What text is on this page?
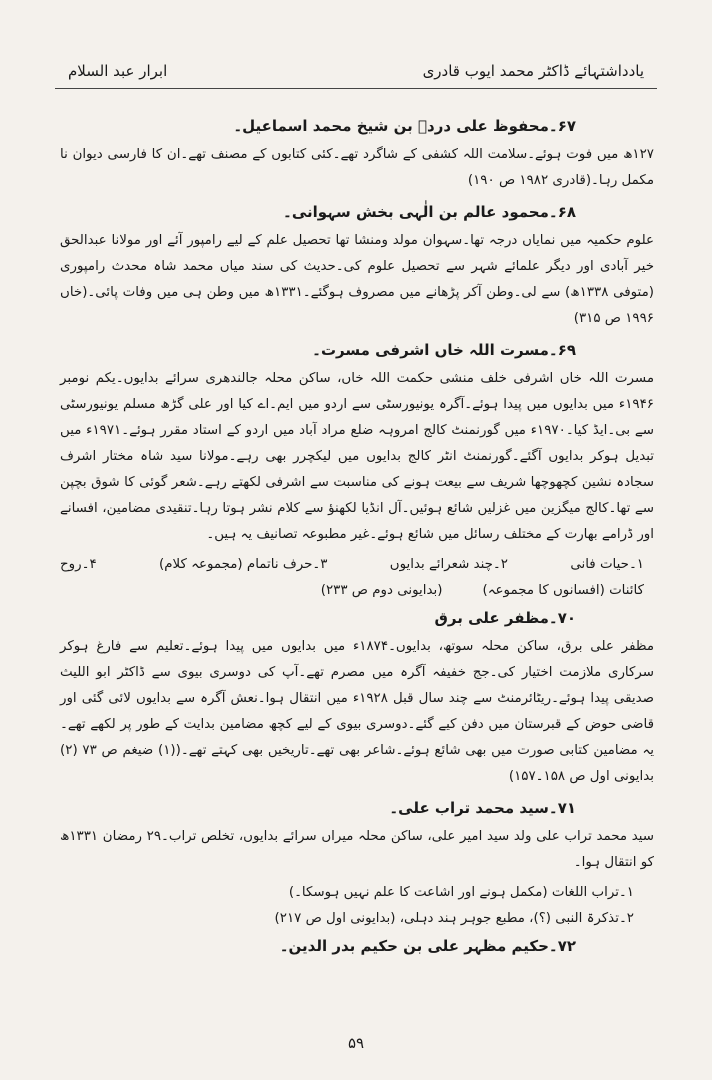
یادداشتہائے ڈاکٹر محمد ایوب قادری
ابرار عبد السلام
۶۷۔محفوظ علی دردؔ بن شیخ محمد اسماعیل۔

۱۲۷ھ میں فوت ہوئے۔سلامت اللہ کشفی کے شاگرد تھے۔کئی کتابوں کے مصنف تھے۔ان کا فارسی دیوان نا مکمل رہا۔(قادری ۱۹۸۲ ص ۱۹۰)

۶۸۔محمود عالم بن الٰہی بخش سہوانی۔

علوم حکمیہ میں نمایاں درجہ تھا۔سہوان مولد ومنشا تھا تحصیل علم کے لیے رامپور آئے اور مولانا عبدالحق خیر آبادی اور دیگر علمائے شہر سے تحصیل علوم کی۔حدیث کی سند میاں محمد شاہ محدث رامپوری (متوفی ۱۳۳۸ھ) سے لی۔وطن آکر پڑھانے میں مصروف ہوگئے۔۱۳۳۱ھ میں وطن ہی میں وفات پائی۔(خاں ۱۹۹۶ ص ۳۱۵)

۶۹۔مسرت اللہ خاں اشرفی مسرت۔

مسرت اللہ خاں اشرفی خلف منشی حکمت اللہ خاں، ساکن محلہ جالندھری سرائے بدایوں۔یکم نومبر ۱۹۴۶ء میں بدایوں میں پیدا ہوئے۔آگرہ یونیورسٹی سے اردو میں ایم۔اے کیا اور علی گڑھ مسلم یونیورسٹی سے بی۔ایڈ کیا۔۱۹۷۰ء میں گورنمنٹ کالج امروہہ ضلع مراد آباد میں اردو کے استاد مقرر ہوئے۔۱۹۷۱ء میں تبدیل ہوکر بدایوں آگئے۔گورنمنٹ انٹر کالج بدایوں میں لیکچرر بھی رہے۔مولانا سید شاہ مختار اشرف سجادہ نشین کچھوچھا شریف سے بیعت ہونے کی مناسبت سے اشرفی لکھتے رہے۔شعر گوئی کا شوق بچپن سے تھا۔کالج میگزین میں غزلیں شائع ہوئیں۔آل انڈیا لکھنؤ سے کلام نشر ہوتا رہا۔تنقیدی مضامین، افسانے اور ڈرامے بھارت کے مختلف رسائل میں شائع ہوئے۔غیر مطبوعہ تصانیف یہ ہیں۔

۱۔حیات فانی
۲۔چند شعرائے بدایوں
۳۔حرف ناتمام (مجموعہ کلام)
۴۔روح
کائنات (افسانوں کا مجموعہ)
(بدایونی دوم ص ۲۳۳)
۷۰۔مظفر علی برق

مظفر علی برق، ساکن محلہ سوتھ، بدایوں۔۱۸۷۴ء میں بدایوں میں پیدا ہوئے۔تعلیم سے فارغ ہوکر سرکاری ملازمت اختیار کی۔جج خفیفہ آگرہ میں مصرم تھے۔آپ کی دوسری بیوی سے ڈاکٹر ابو اللیث صدیقی پیدا ہوئے۔ریٹائرمنٹ سے چند سال قبل ۱۹۲۸ء میں انتقال ہوا۔نعش آگرہ سے بدایوں لائی گئی اور قاضی حوض کے قبرستان میں دفن کیے گئے۔دوسری بیوی کے لیے کچھ مضامین بدایت کے طور پر لکھے تھے۔یہ مضامین کتابی صورت میں بھی شائع ہوئے۔شاعر بھی تھے۔تاریخیں بھی کہتے تھے۔((۱) ضیغم ص ۷۳ (۲) بدایونی اول ص ۱۵۸۔۱۵۷)

۷۱۔سید محمد تراب علی۔

سید محمد تراب علی ولد سید امیر علی، ساکن محلہ میراں سرائے بدایوں، تخلص تراب۔۲۹ رمضان ۱۳۳۱ھ کو انتقال ہوا۔

۱۔تراب اللغات (مکمل ہونے اور اشاعت کا علم نہیں ہوسکا۔)

۲۔تذکرۃ النبی (؟)، مطبع جوہر ہند دہلی، (بدایونی اول ص ۲۱۷)

۷۲۔حکیم مظہر علی بن حکیم بدر الدین۔
۵۹
